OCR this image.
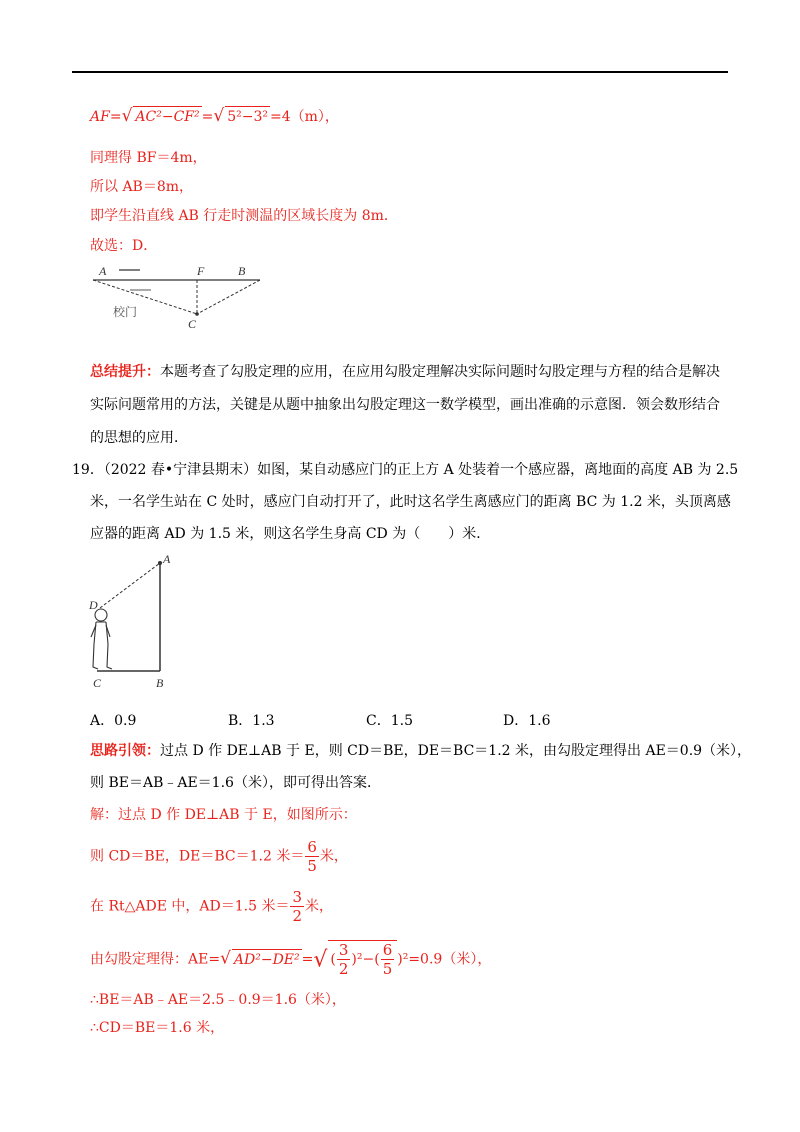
AF=√ AC²−CF² =√ 5²−3² =4（m），
同理得 BF＝4m，
所以 AB＝8m，
即学生沿直线 AB 行走时测温的区域长度为 8m．
故选：D．
A	F	B
C
校门
总结提升：本题考查了勾股定理的应用，在应用勾股定理解决实际问题时勾股定理与方程的结合是解决
实际问题常用的方法，关键是从题中抽象出勾股定理这一数学模型，画出准确的示意图．领会数形结合
的思想的应用．
19．（2022 春•宁津县期末）如图，某自动感应门的正上方 A 处装着一个感应器，离地面的高度 AB 为 2.5
米，一名学生站在 C 处时，感应门自动打开了，此时这名学生离感应门的距离 BC 为 1.2 米，头顶离感
应器的距离 AD 为 1.5 米，则这名学生身高 CD 为（　　）米．
A
D
C	B
A．0.9	B．1.3	C．1.5	D．1.6
思路引领：过点 D 作 DE⊥AB 于 E，则 CD＝BE，DE＝BC＝1.2 米，由勾股定理得出 AE＝0.9（米），
则 BE＝AB﹣AE＝1.6（米），即可得出答案．
解：过点 D 作 DE⊥AB 于 E，如图所示：
则 CD＝BE，DE＝BC＝1.2 米＝ $\frac{6}{5}$ 米，
在 Rt△ADE 中，AD＝1.5 米＝ $\frac{3}{2}$ 米，
由勾股定理得：AE=√ AD²−DE² =√ ( $\frac{3}{2} )^2-( \frac{6}{5} )^2=0.9$（米），
∴BE＝AB﹣AE＝2.5﹣0.9＝1.6（米），
∴CD＝BE＝1.6 米，
